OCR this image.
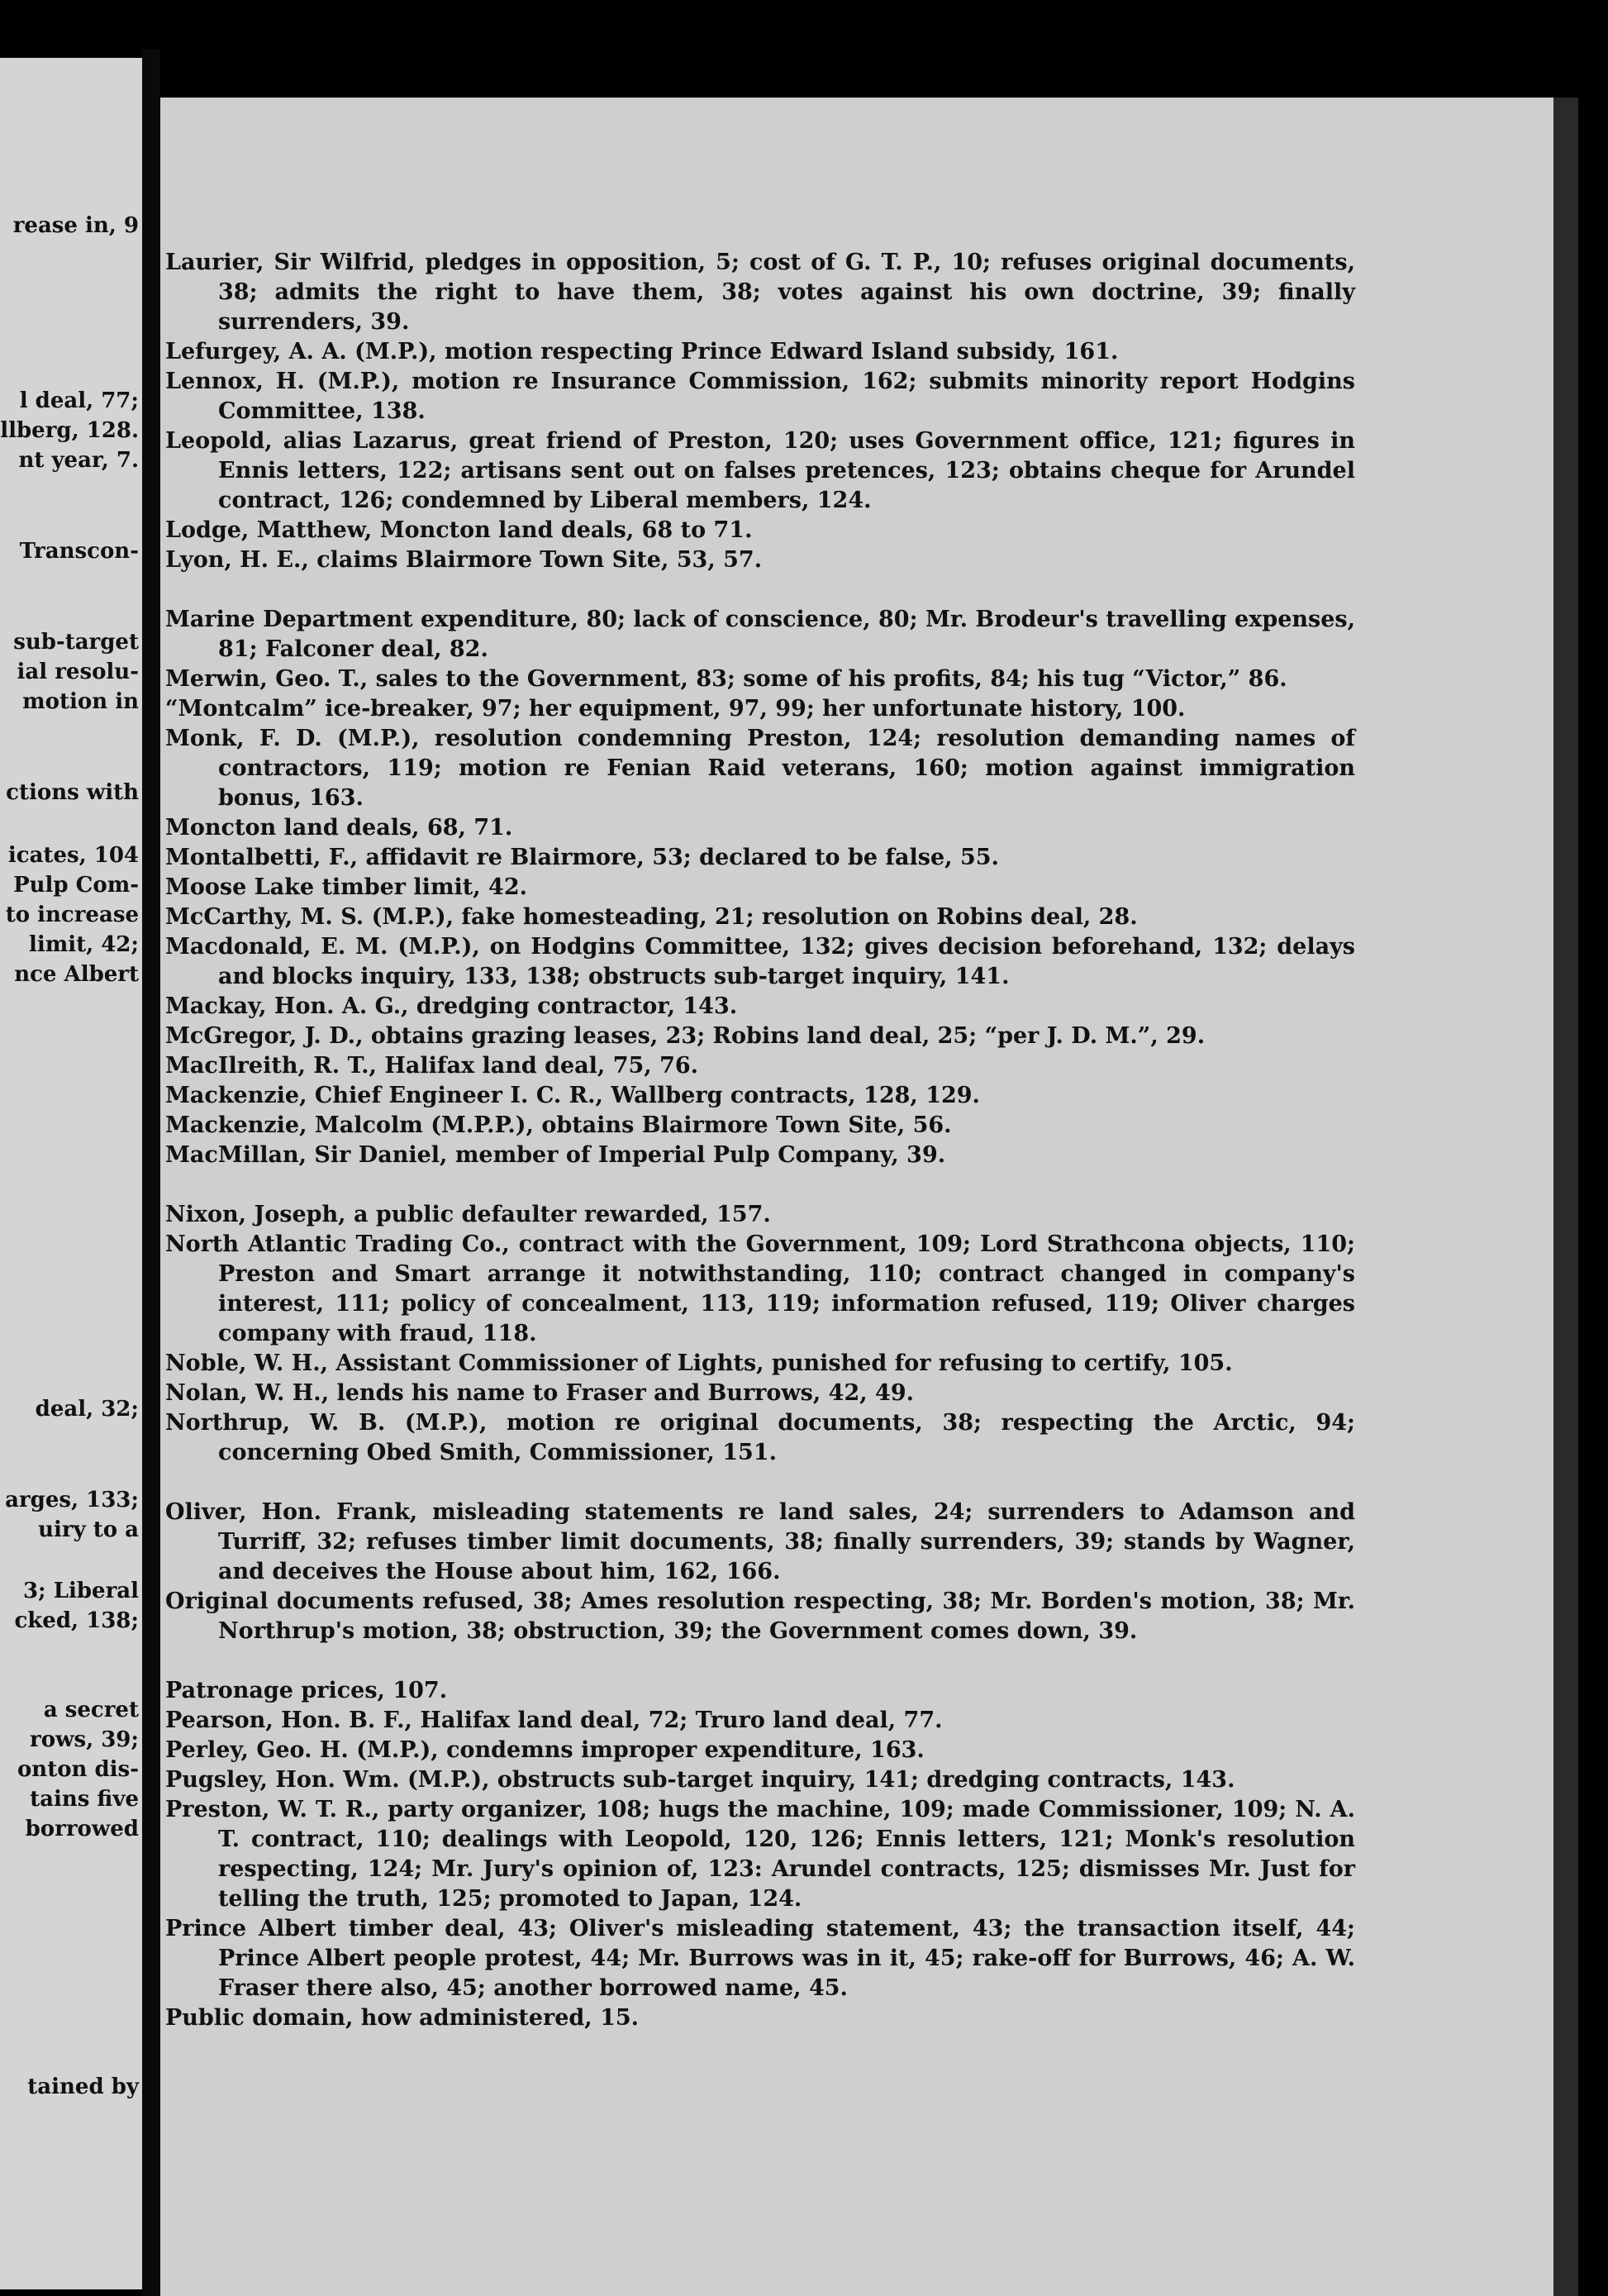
rease in, 9
l deal, 77;
llberg, 128.
nt year, 7.
Transcon-
sub-target
ial resolu-
motion in
ctions with
icates, 104
Pulp Com-
to increase
limit, 42;
nce Albert
deal, 32;
arges, 133;
uiry to a
3; Liberal
cked, 138;
a secret
rows, 39;
onton dis-
tains five
borrowed
tained by

Laurier, Sir Wilfrid, pledges in opposition, 5; cost of G. T. P., 10; refuses original documents, 38; admits the right to have them, 38; votes against his own doctrine, 39; finally surrenders, 39.

Lefurgey, A. A. (M.P.), motion respecting Prince Edward Island subsidy, 161.

Lennox, H. (M.P.), motion re Insurance Commission, 162; submits minority report Hodgins Committee, 138.

Leopold, alias Lazarus, great friend of Preston, 120; uses Government office, 121; figures in Ennis letters, 122; artisans sent out on falses pretences, 123; obtains cheque for Arundel contract, 126; condemned by Liberal members, 124.

Lodge, Matthew, Moncton land deals, 68 to 71.

Lyon, H. E., claims Blairmore Town Site, 53, 57.

Marine Department expenditure, 80; lack of conscience, 80; Mr. Brodeur's travelling expenses, 81; Falconer deal, 82.

Merwin, Geo. T., sales to the Government, 83; some of his profits, 84; his tug “Victor,” 86.

“Montcalm” ice-breaker, 97; her equipment, 97, 99; her unfortunate history, 100.

Monk, F. D. (M.P.), resolution condemning Preston, 124; resolution demanding names of contractors, 119; motion re Fenian Raid veterans, 160; motion against immigration bonus, 163.

Moncton land deals, 68, 71.

Montalbetti, F., affidavit re Blairmore, 53; declared to be false, 55.

Moose Lake timber limit, 42.

McCarthy, M. S. (M.P.), fake homesteading, 21; resolution on Robins deal, 28.

Macdonald, E. M. (M.P.), on Hodgins Committee, 132; gives decision beforehand, 132; delays and blocks inquiry, 133, 138; obstructs sub-target inquiry, 141.

Mackay, Hon. A. G., dredging contractor, 143.

McGregor, J. D., obtains grazing leases, 23; Robins land deal, 25; “per J. D. M.”, 29.

MacIlreith, R. T., Halifax land deal, 75, 76.

Mackenzie, Chief Engineer I. C. R., Wallberg contracts, 128, 129.

Mackenzie, Malcolm (M.P.P.), obtains Blairmore Town Site, 56.

MacMillan, Sir Daniel, member of Imperial Pulp Company, 39.

Nixon, Joseph, a public defaulter rewarded, 157.

North Atlantic Trading Co., contract with the Government, 109; Lord Strathcona objects, 110; Preston and Smart arrange it notwithstanding, 110; contract changed in company's interest, 111; policy of concealment, 113, 119; information refused, 119; Oliver charges company with fraud, 118.

Noble, W. H., Assistant Commissioner of Lights, punished for refusing to certify, 105.

Nolan, W. H., lends his name to Fraser and Burrows, 42, 49.

Northrup, W. B. (M.P.), motion re original documents, 38; respecting the Arctic, 94; concerning Obed Smith, Commissioner, 151.

Oliver, Hon. Frank, misleading statements re land sales, 24; surrenders to Adamson and Turriff, 32; refuses timber limit documents, 38; finally surrenders, 39; stands by Wagner, and deceives the House about him, 162, 166.

Original documents refused, 38; Ames resolution respecting, 38; Mr. Borden's motion, 38; Mr. Northrup's motion, 38; obstruction, 39; the Government comes down, 39.

Patronage prices, 107.

Pearson, Hon. B. F., Halifax land deal, 72; Truro land deal, 77.

Perley, Geo. H. (M.P.), condemns improper expenditure, 163.

Pugsley, Hon. Wm. (M.P.), obstructs sub-target inquiry, 141; dredging contracts, 143.

Preston, W. T. R., party organizer, 108; hugs the machine, 109; made Commissioner, 109; N. A. T. contract, 110; dealings with Leopold, 120, 126; Ennis letters, 121; Monk's resolution respecting, 124; Mr. Jury's opinion of, 123: Arundel contracts, 125; dismisses Mr. Just for telling the truth, 125; promoted to Japan, 124.

Prince Albert timber deal, 43; Oliver's misleading statement, 43; the transaction itself, 44; Prince Albert people protest, 44; Mr. Burrows was in it, 45; rake-off for Burrows, 46; A. W. Fraser there also, 45; another borrowed name, 45.

Public domain, how administered, 15.
